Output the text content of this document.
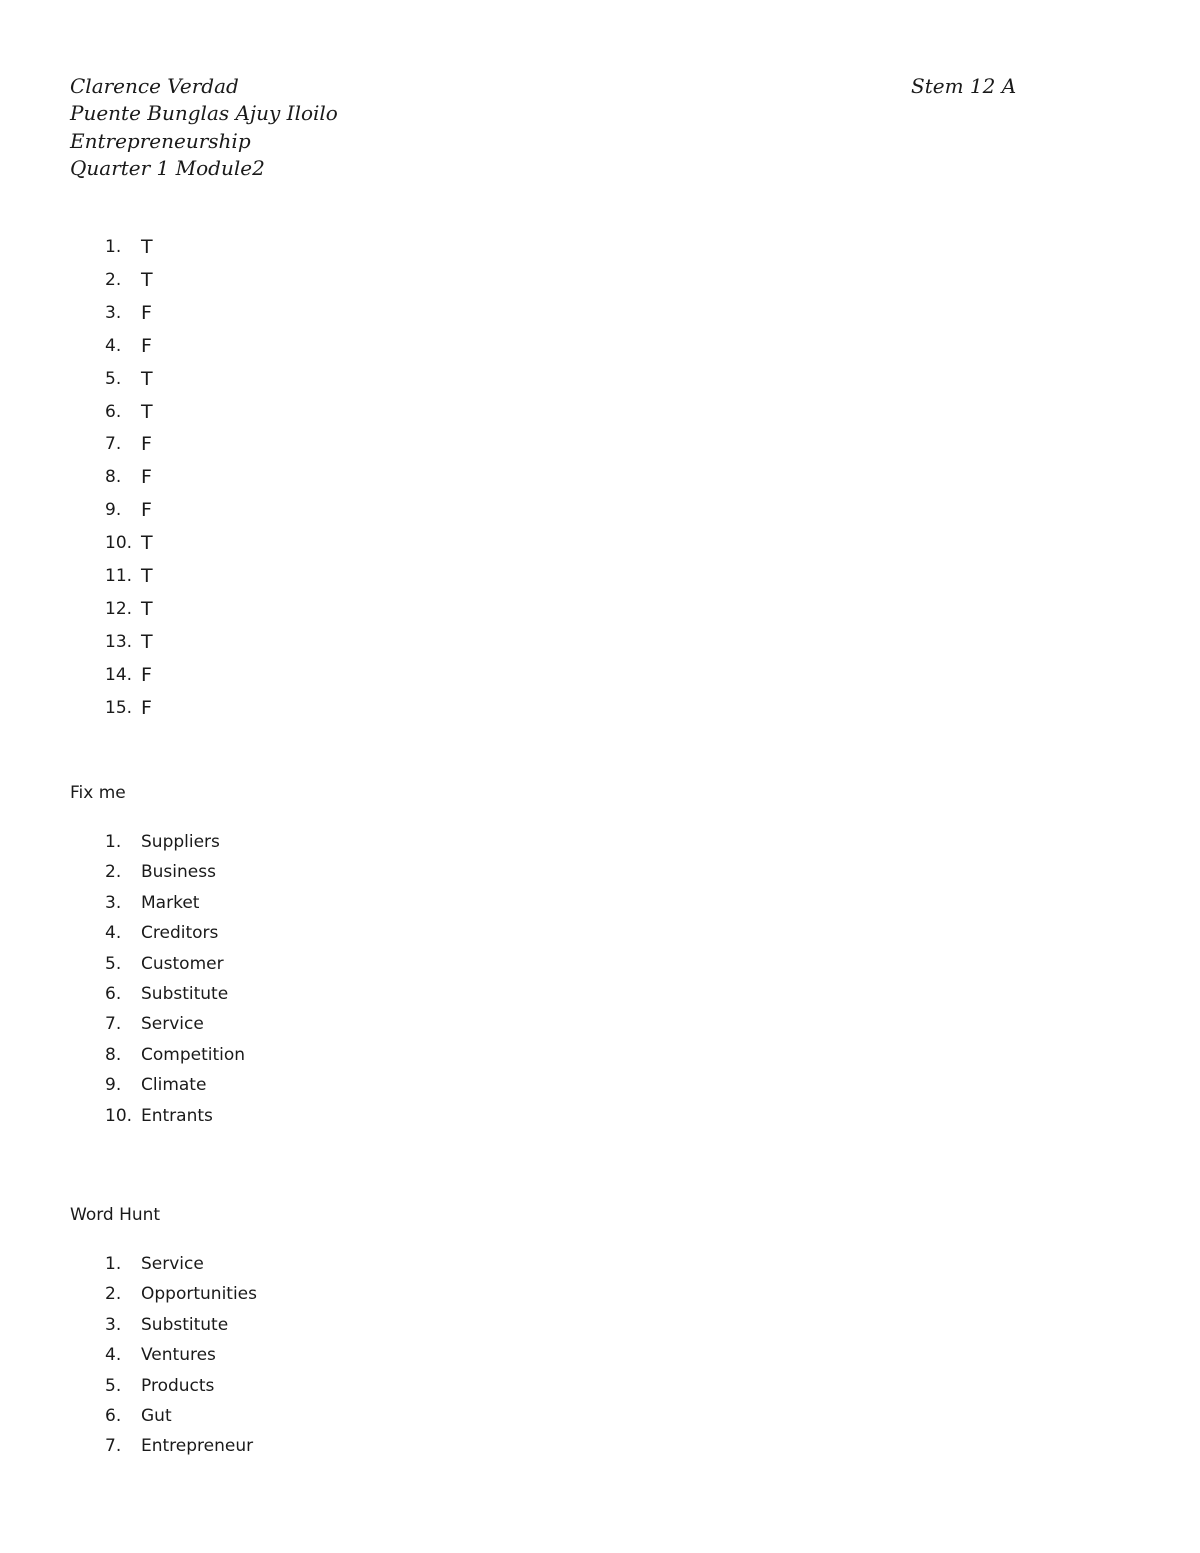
Clarence Verdad
Puente Bunglas Ajuy Iloilo
Entrepreneurship
Quarter 1 Module2
Stem 12 A
1. T
2. T
3. F
4. F
5. T
6. T
7. F
8. F
9. F
10. T
11. T
12. T
13. T
14. F
15. F
Fix me
1. Suppliers
2. Business
3. Market
4. Creditors
5. Customer
6. Substitute
7. Service
8. Competition
9. Climate
10. Entrants
Word Hunt
1. Service
2. Opportunities
3. Substitute
4. Ventures
5. Products
6. Gut
7. Entrepreneur
